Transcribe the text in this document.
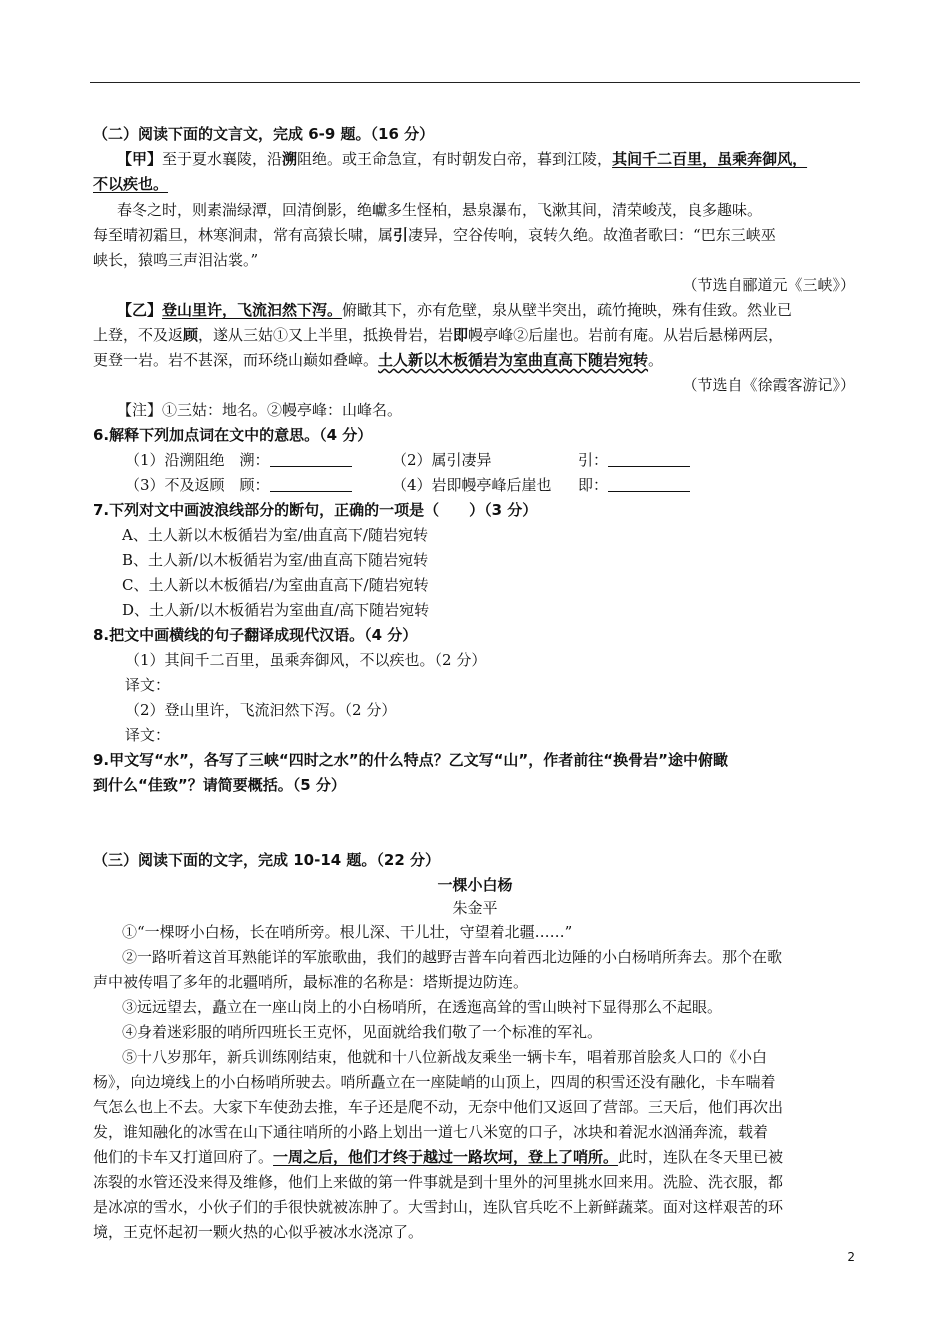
（二）阅读下面的文言文，完成 6-9 题。（16 分）
【甲】至于夏水襄陵，沿溯阻绝。或王命急宣，有时朝发白帝，暮到江陵，其间千二百里，虽乘奔御风，
不以疾也。
春冬之时，则素湍绿潭，回清倒影，绝巘多生怪柏，悬泉瀑布，飞漱其间，清荣峻茂，良多趣味。
每至晴初霜旦，林寒涧肃，常有高猿长啸，属引凄异，空谷传响，哀转久绝。故渔者歌曰：“巴东三峡巫
峡长，猿鸣三声泪沾裳。”
（节选自郦道元《三峡》）
【乙】登山里许，飞流汩然下泻。俯瞰其下，亦有危壁，泉从壁半突出，疏竹掩映，殊有佳致。然业已
上登，不及返顾，遂从三姑①又上半里，抵换骨岩，岩即幔亭峰②后崖也。岩前有庵。从岩后悬梯两层，
更登一岩。岩不甚深，而环绕山巅如叠嶂。土人新以木板循岩为室曲直高下随岩宛转。
（节选自《徐霞客游记》）
【注】①三姑：地名。②幔亭峰：山峰名。
6.解释下列加点词在文中的意思。（4 分）
（1）沿溯阻绝　溯：	（2）属引凄异	引：
（3）不及返顾　顾：	（4）岩即幔亭峰后崖也 即：
7.下列对文中画波浪线部分的断句，正确的一项是（　　）（3 分）
A、土人新以木板循岩为室/曲直高下/随岩宛转
B、土人新/以木板循岩为室/曲直高下随岩宛转
C、土人新以木板循岩/为室曲直高下/随岩宛转
D、土人新/以木板循岩为室曲直/高下随岩宛转
8.把文中画横线的句子翻译成现代汉语。（4 分）
（1）其间千二百里，虽乘奔御风，不以疾也。（2 分）
译文：
（2）登山里许，飞流汩然下泻。（2 分）
译文：
9.甲文写“水”，各写了三峡“四时之水”的什么特点？乙文写“山”，作者前往“换骨岩”途中俯瞰
到什么“佳致”？请简要概括。（5 分）
（三）阅读下面的文字，完成 10-14 题。（22 分）
一棵小白杨
朱金平
①“一棵呀小白杨，长在哨所旁。根儿深、干儿壮，守望着北疆……”
②一路听着这首耳熟能详的军旅歌曲，我们的越野吉普车向着西北边陲的小白杨哨所奔去。那个在歌
声中被传唱了多年的北疆哨所，最标准的名称是：塔斯提边防连。
③远远望去，矗立在一座山岗上的小白杨哨所，在透迤高耸的雪山映衬下显得那么不起眼。
④身着迷彩服的哨所四班长王克怀，见面就给我们敬了一个标准的军礼。
⑤十八岁那年，新兵训练刚结束，他就和十八位新战友乘坐一辆卡车，唱着那首脍炙人口的《小白
杨》，向边境线上的小白杨哨所驶去。哨所矗立在一座陡峭的山顶上，四周的积雪还没有融化，卡车喘着
气怎么也上不去。大家下车使劲去推，车子还是爬不动，无奈中他们又返回了营部。三天后，他们再次出
发，谁知融化的冰雪在山下通往哨所的小路上划出一道七八米宽的口子，冰块和着泥水汹涌奔流，载着
他们的卡车又打道回府了。一周之后，他们才终于越过一路坎坷，登上了哨所。此时，连队在冬天里已被
冻裂的水管还没来得及维修，他们上来做的第一件事就是到十里外的河里挑水回来用。洗脸、洗衣服，都
是冰凉的雪水，小伙子们的手很快就被冻肿了。大雪封山，连队官兵吃不上新鲜蔬菜。面对这样艰苦的环
境，王克怀起初一颗火热的心似乎被冰水浇凉了。
2
